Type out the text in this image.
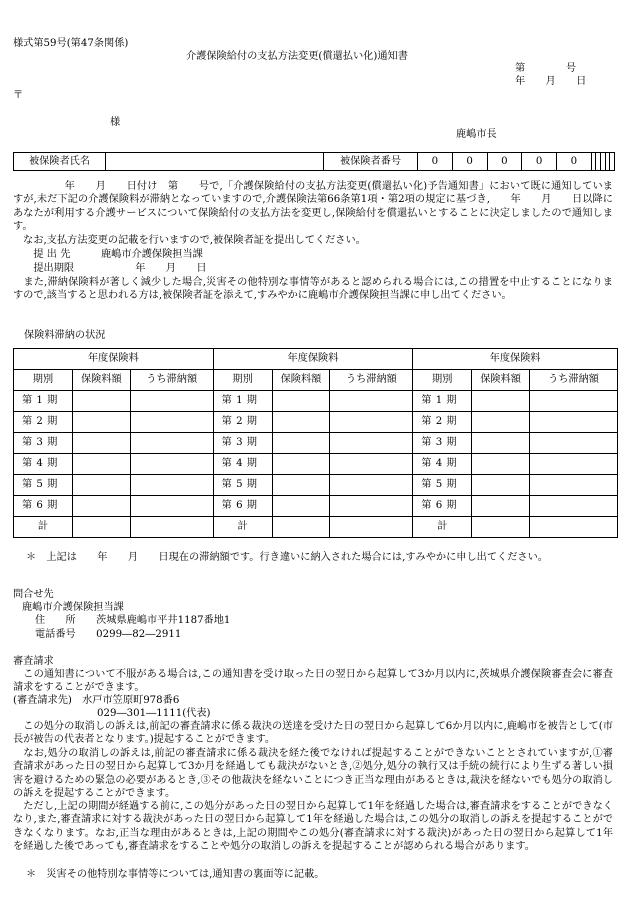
様式第59号(第47条関係)
介護保険給付の支払方法変更(償還払い化)通知書
第　　　　号
年　　月　　日
〒
様
鹿嶋市長
被保険者氏名		被保険者番号	0	0	0	0	0					
　　　　　年　　月　　日付け　第　　号で,「介護保険給付の支払方法変更(償還払い化)予告通知書」において既に通知していますが,未だ下記の介護保険料が滞納となっていますので,介護保険法第66条第1項・第2項の規定に基づき,　　年　　月　　日以降にあなたが利用する介護サービスについて保険給付の支払方法を変更し,保険給付を償還払いとすることに決定しましたので通知します。
　なお,支払方法変更の記載を行いますので,被保険者証を提出してください。
　　提 出 先　　　鹿嶋市介護保険担当課
　　提出期限　　　　　　年　　月　　日
　また,滞納保険料が著しく減少した場合,災害その他特別な事情等があると認められる場合には,この措置を中止することになりますので,該当すると思われる方は,被保険者証を添えて,すみやかに鹿嶋市介護保険担当課に申し出てください。
保険料滞納の状況
年度保険料			年度保険料			年度保険料		
期別	保険料額	うち滞納額	期別	保険料額	うち滞納額	期別	保険料額	うち滞納額
第 1 期			第 1 期			第 1 期		
第 2 期			第 2 期			第 2 期		
第 3 期			第 3 期			第 3 期		
第 4 期			第 4 期			第 4 期		
第 5 期			第 5 期			第 5 期		
第 6 期			第 6 期			第 6 期		
計			計			計		
＊　上記は　　年　　月　　日現在の滞納額です。行き違いに納入された場合には,すみやかに申し出てください。
問合せ先
鹿嶋市介護保険担当課
住　　所　　茨城県鹿嶋市平井1187番地1
電話番号　　0299―82―2911
審査請求
　この通知書について不服がある場合は,この通知書を受け取った日の翌日から起算して3か月以内に,茨城県介護保険審査会に審査請求をすることができます。
(審査請求先)　水戸市笠原町978番6
029―301―1111(代表)
　この処分の取消しの訴えは,前記の審査請求に係る裁決の送達を受けた日の翌日から起算して6か月以内に,鹿嶋市を被告として(市長が被告の代表者となります。)提起することができます。
　なお,処分の取消しの訴えは,前記の審査請求に係る裁決を経た後でなければ提起することができないこととされていますが,①審査請求があった日の翌日から起算して3か月を経過しても裁決がないとき,②処分,処分の執行又は手続の続行により生ずる著しい損害を避けるための緊急の必要があるとき,③その他裁決を経ないことにつき正当な理由があるときは,裁決を経ないでも処分の取消しの訴えを提起することができます。
　ただし,上記の期間が経過する前に,この処分があった日の翌日から起算して1年を経過した場合は,審査請求をすることができなくなり,また,審査請求に対する裁決があった日の翌日から起算して1年を経過した場合は,この処分の取消しの訴えを提起することができなくなります。なお,正当な理由があるときは,上記の期間やこの処分(審査請求に対する裁決)があった日の翌日から起算して1年を経過した後であっても,審査請求をすることや処分の取消しの訴えを提起することが認められる場合があります。
＊　災害その他特別な事情等については,通知書の裏面等に記載。
